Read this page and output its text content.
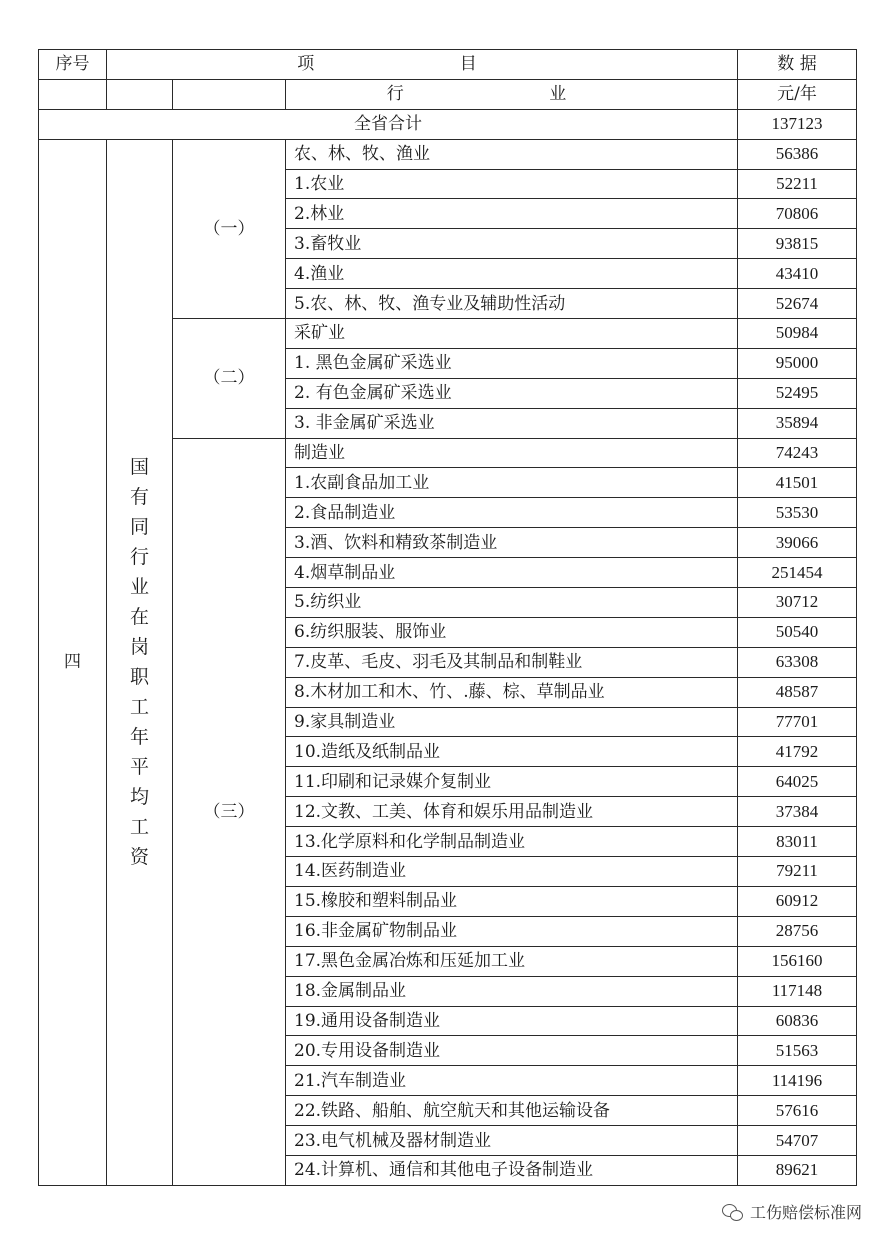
序号	项 目			数 据
			行 业	元/年
全省合计				137123
四	国有同行业在岗职工年平均工资	（一）	农、林、牧、渔业	56386
			1.农业	52211
			2.林业	70806
			3.畜牧业	93815
			4.渔业	43410
			5.农、林、牧、渔专业及辅助性活动	52674
		（二）	采矿业	50984
			1. 黑色金属矿采选业	95000
			2. 有色金属矿采选业	52495
			3. 非金属矿采选业	35894
		（三）	制造业	74243
			1.农副食品加工业	41501
			2.食品制造业	53530
			3.酒、饮料和精致茶制造业	39066
			4.烟草制品业	251454
			5.纺织业	30712
			6.纺织服装、服饰业	50540
			7.皮革、毛皮、羽毛及其制品和制鞋业	63308
			8.木材加工和木、竹、.藤、棕、草制品业	48587
			9.家具制造业	77701
			10.造纸及纸制品业	41792
			11.印刷和记录媒介复制业	64025
			12.文教、工美、体育和娱乐用品制造业	37384
			13.化学原料和化学制品制造业	83011
			14.医药制造业	79211
			15.橡胶和塑料制品业	60912
			16.非金属矿物制品业	28756
			17.黑色金属冶炼和压延加工业	156160
			18.金属制品业	117148
			19.通用设备制造业	60836
			20.专用设备制造业	51563
			21.汽车制造业	114196
			22.铁路、船舶、航空航天和其他运输设备	57616
			23.电气机械及器材制造业	54707
			24.计算机、通信和其他电子设备制造业	89621
工伤赔偿标准网
